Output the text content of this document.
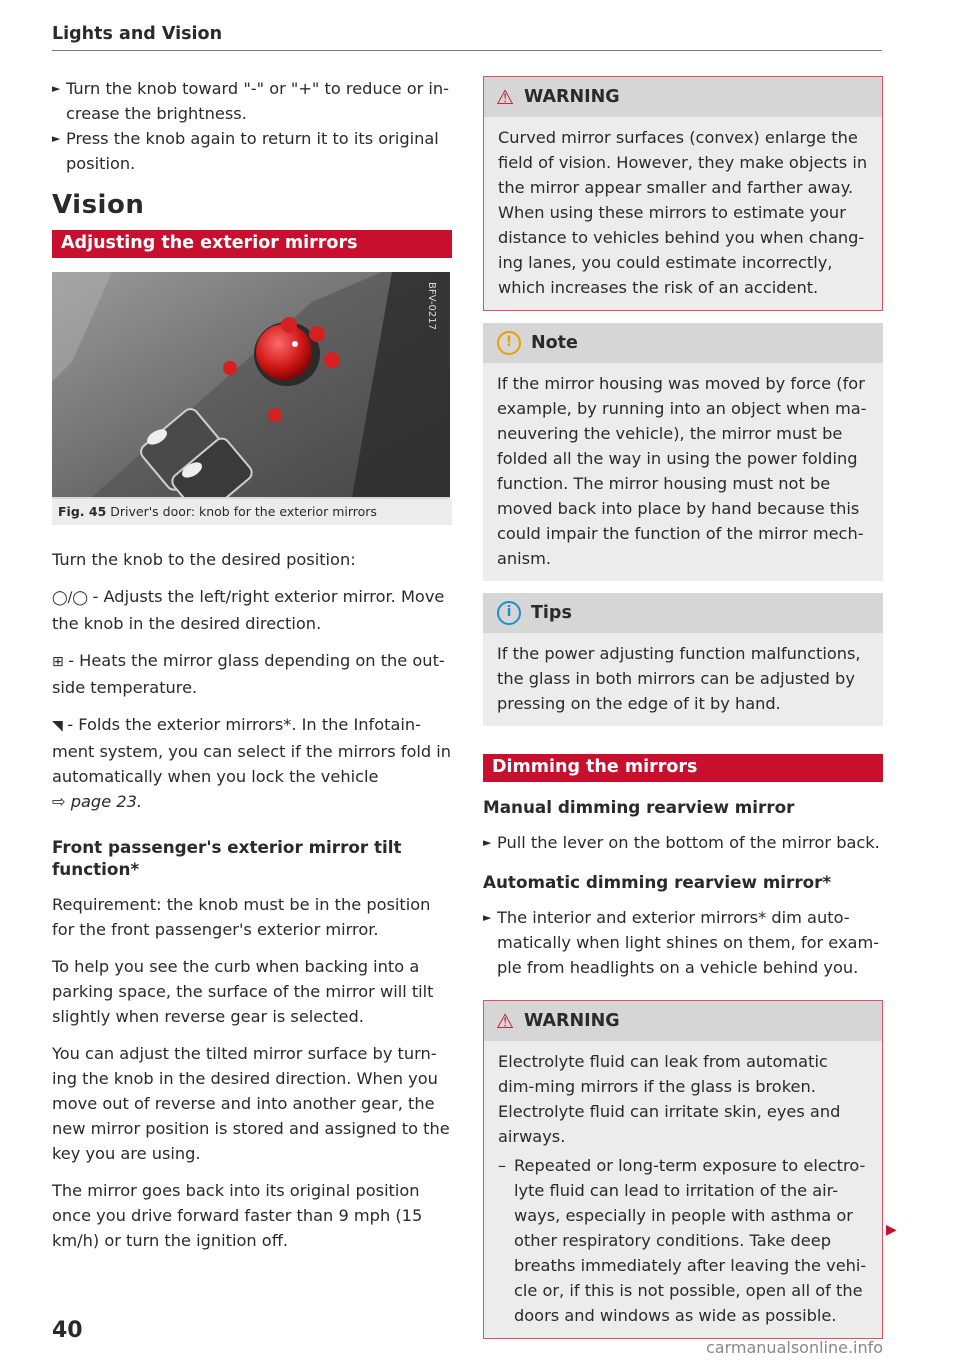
Lights and Vision

► Turn the knob toward "-" or "+" to reduce or in-crease the brightness.

► Press the knob again to return it to its original position.

Vision
Adjusting the exterior mirrors
BFV-0217
Fig. 45 Driver's door: knob for the exterior mirrors

Turn the knob to the desired position:

◯/◯ - Adjusts the left/right exterior mirror. Move the knob in the desired direction.

⊞ - Heats the mirror glass depending on the out-side temperature.

◥ - Folds the exterior mirrors*. In the Infotain-ment system, you can select if the mirrors fold in automatically when you lock the vehicle
⇨ page 23.

Front passenger's exterior mirror tilt function*

Requirement: the knob must be in the position for the front passenger's exterior mirror.

To help you see the curb when backing into a parking space, the surface of the mirror will tilt slightly when reverse gear is selected.

You can adjust the tilted mirror surface by turn-ing the knob in the desired direction. When you move out of reverse and into another gear, the new mirror position is stored and assigned to the key you are using.

The mirror goes back into its original position once you drive forward faster than 9 mph (15 km/h) or turn the ignition off.

⚠ WARNING

Curved mirror surfaces (convex) enlarge the field of vision. However, they make objects in the mirror appear smaller and farther away. When using these mirrors to estimate your distance to vehicles behind you when chang-ing lanes, you could estimate incorrectly, which increases the risk of an accident.

!	Note

If the mirror housing was moved by force (for example, by running into an object when ma-neuvering the vehicle), the mirror must be folded all the way in using the power folding function. The mirror housing must not be moved back into place by hand because this could impair the function of the mirror mech-anism.

i	Tips

If the power adjusting function malfunctions, the glass in both mirrors can be adjusted by pressing on the edge of it by hand.

Dimming the mirrors
Manual dimming rearview mirror

► Pull the lever on the bottom of the mirror back.

Automatic dimming rearview mirror*

► The interior and exterior mirrors* dim auto-matically when light shines on them, for exam-ple from headlights on a vehicle behind you.

⚠ WARNING

Electrolyte fluid can leak from automatic dim-ming mirrors if the glass is broken. Electrolyte fluid can irritate skin, eyes and airways.

– Repeated or long-term exposure to electro-lyte fluid can lead to irritation of the air-ways, especially in people with asthma or other respiratory conditions. Take deep breaths immediately after leaving the vehi-cle or, if this is not possible, open all of the doors and windows as wide as possible.

▶
40
carmanualsonline.info
